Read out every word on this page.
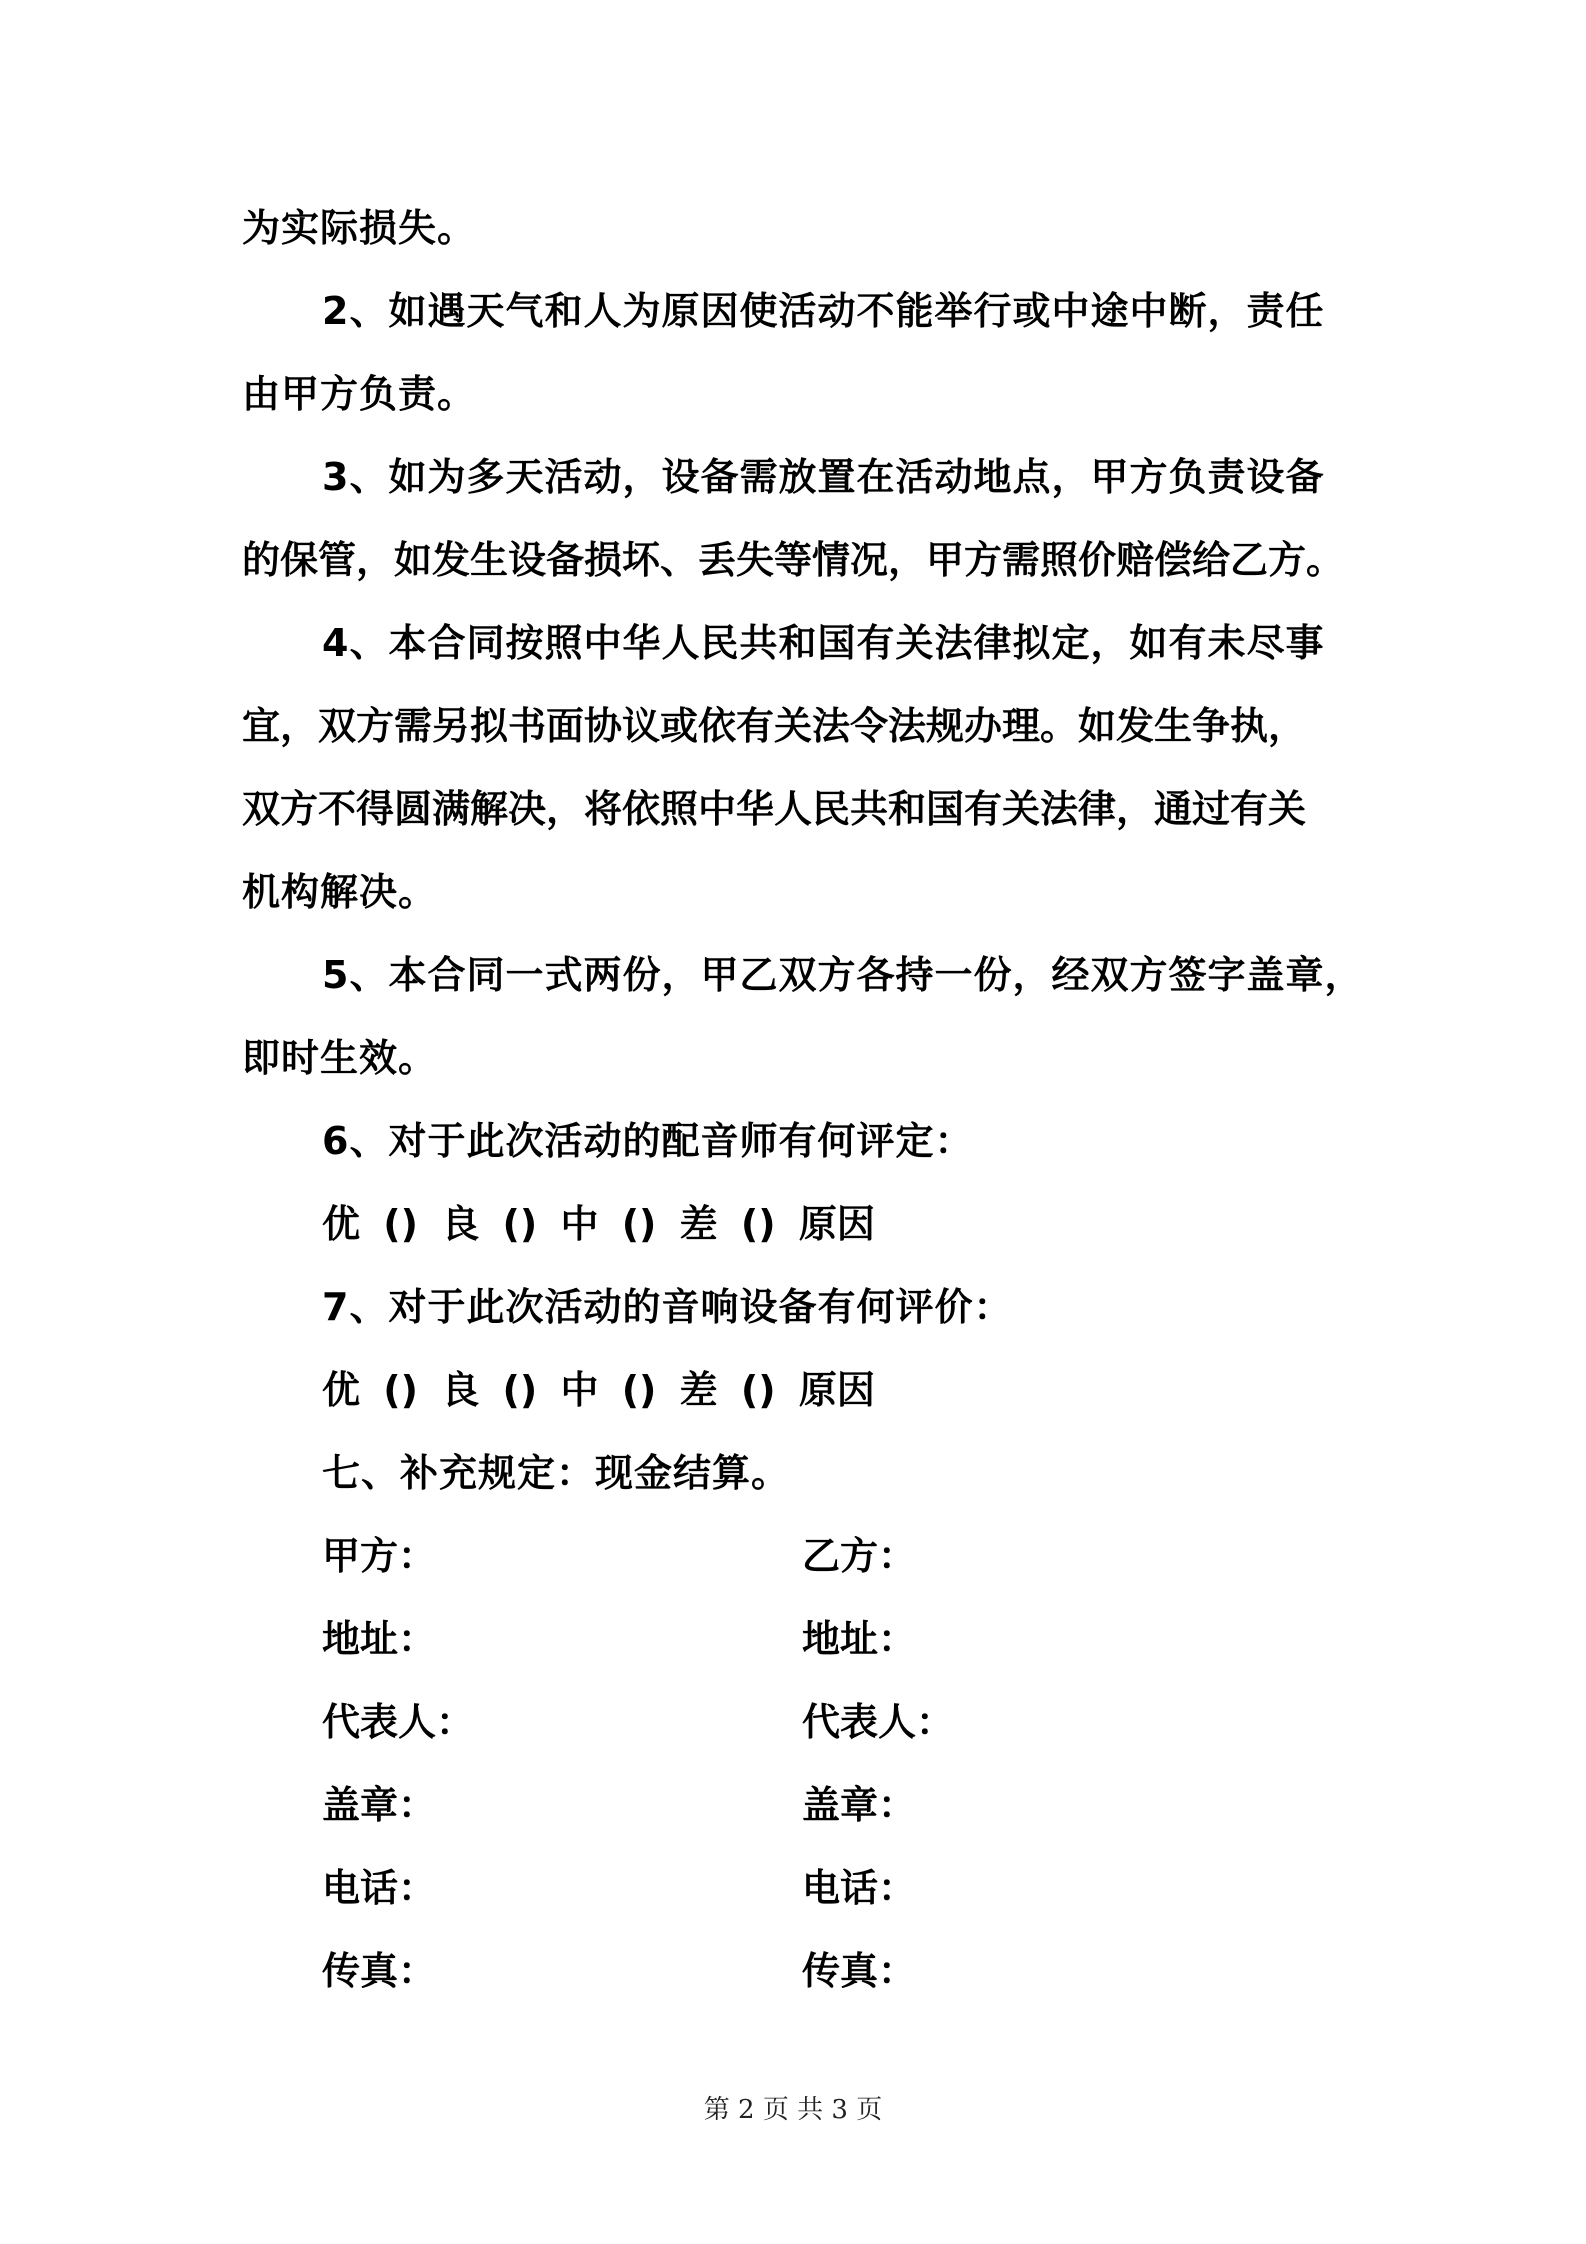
为实际损失。
2、如遇天气和人为原因使活动不能举行或中途中断，责任
由甲方负责。
3、如为多天活动，设备需放置在活动地点，甲方负责设备
的保管，如发生设备损坏、丢失等情况，甲方需照价赔偿给乙方。
4、本合同按照中华人民共和国有关法律拟定，如有未尽事
宜，双方需另拟书面协议或依有关法令法规办理。如发生争执，
双方不得圆满解决，将依照中华人民共和国有关法律，通过有关
机构解决。
5、本合同一式两份，甲乙双方各持一份，经双方签字盖章，
即时生效。
6、对于此次活动的配音师有何评定：
优 () 良 () 中 () 差 () 原因
7、对于此次活动的音响设备有何评价：
优 () 良 () 中 () 差 () 原因
七、补充规定：现金结算。
甲方：	乙方：
地址：	地址：
代表人：	代表人：
盖章：	盖章：
电话：	电话：
传真：	传真：
第 2 页 共 3 页
